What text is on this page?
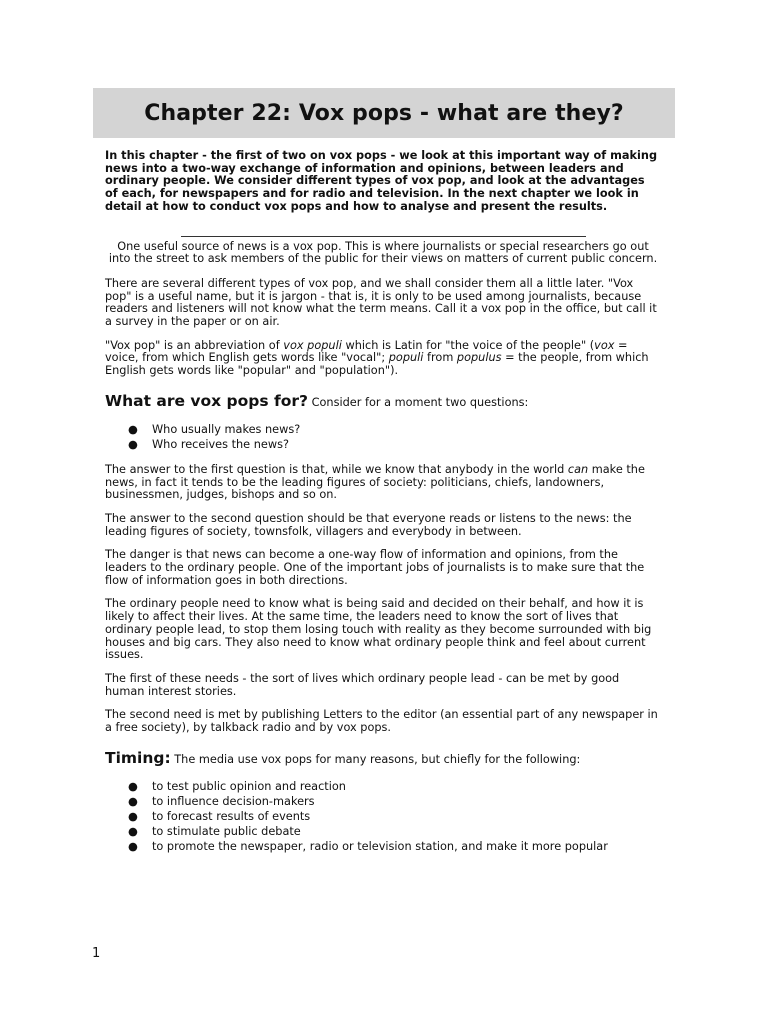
Chapter 22: Vox pops - what are they?

In this chapter - the first of two on vox pops - we look at this important way of making news into a two-way exchange of information and opinions, between leaders and ordinary people. We consider different types of vox pop, and look at the advantages of each, for newspapers and for radio and television. In the next chapter we look in detail at how to conduct vox pops and how to analyse and present the results.

One useful source of news is a vox pop. This is where journalists or special researchers go out into the street to ask members of the public for their views on matters of current public concern.

There are several different types of vox pop, and we shall consider them all a little later. "Vox pop" is a useful name, but it is jargon - that is, it is only to be used among journalists, because readers and listeners will not know what the term means. Call it a vox pop in the office, but call it a survey in the paper or on air.

"Vox pop" is an abbreviation of vox populi which is Latin for "the voice of the people" (vox = voice, from which English gets words like "vocal"; populi from populus = the people, from which English gets words like "popular" and "population").

What are vox pops for? Consider for a moment two questions:
● Who usually makes news?
● Who receives the news?

The answer to the first question is that, while we know that anybody in the world can make the news, in fact it tends to be the leading figures of society: politicians, chiefs, landowners, businessmen, judges, bishops and so on.

The answer to the second question should be that everyone reads or listens to the news: the leading figures of society, townsfolk, villagers and everybody in between.

The danger is that news can become a one-way flow of information and opinions, from the leaders to the ordinary people. One of the important jobs of journalists is to make sure that the flow of information goes in both directions.

The ordinary people need to know what is being said and decided on their behalf, and how it is likely to affect their lives. At the same time, the leaders need to know the sort of lives that ordinary people lead, to stop them losing touch with reality as they become surrounded with big houses and big cars. They also need to know what ordinary people think and feel about current issues.

The first of these needs - the sort of lives which ordinary people lead - can be met by good human interest stories.

The second need is met by publishing Letters to the editor (an essential part of any newspaper in a free society), by talkback radio and by vox pops.

Timing: The media use vox pops for many reasons, but chiefly for the following:
● to test public opinion and reaction
● to influence decision-makers
● to forecast results of events
● to stimulate public debate
● to promote the newspaper, radio or television station, and make it more popular
1
